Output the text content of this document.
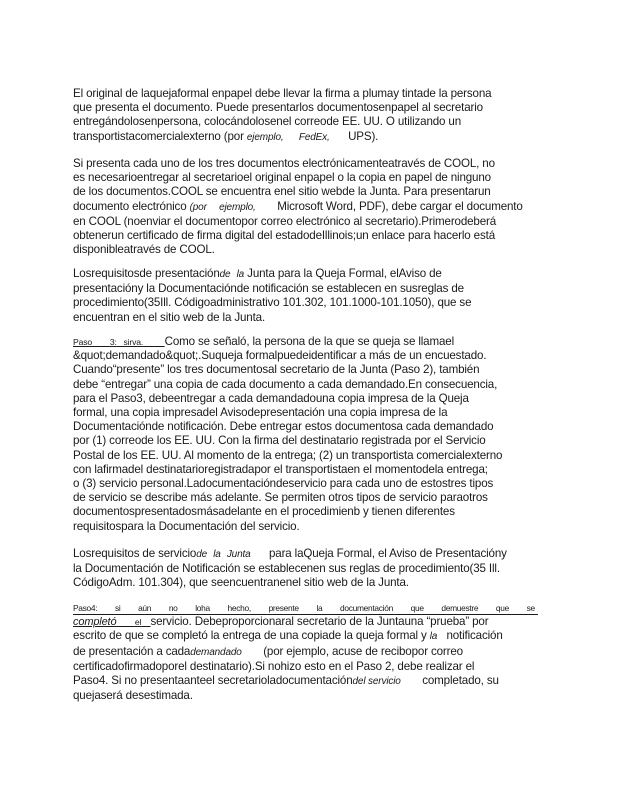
El original de laquejaformal enpapel debe llevar la firma a plumay tintade la persona

que presenta el documento. Puede presentarlos documentosenpapel al secretario

entregándolosenpersona, colocándolosenel correode EE. UU. O utilizando un

transportistacomercialexterno (por ejemplo, FedEx, UPS).

Si presenta cada uno de los tres documentos electrónicamenteatravés de COOL, no

es necesarioentregar al secretarioel original enpapel o la copia en papel de ninguno

de los documentos.COOL se encuentra enel sitio webde la Junta. Para presentarun

documento electrónico (por ejemplo, Microsoft Word, PDF), debe cargar el documento

en COOL (noenviar el documentopor correo electrónico al secretario).Primerodeberá

obtenerun certificado de firma digital del estadodeIllinois;un enlace para hacerlo está

disponibleatravés de COOL.

Losrequisitosde presentaciónde la Junta para la Queja Formal, elAviso de

presentacióny la Documentaciónde notificación se establecen en susreglas de

procedimiento(35Ill. Códigoadministrativo 101.302, 101.1000-101.1050), que se

encuentran en el sitio web de la Junta.

Paso 3: sirva. Como se señaló, la persona de la que se queja se llamael

&quot;demandado&quot;.Suqueja formalpuedeidentificar a más de un encuestado.

Cuando“presente” los tres documentosal secretario de la Junta (Paso 2), también

debe “entregar” una copia de cada documento a cada demandado.En consecuencia,

para el Paso3, debeentregar a cada demandadouna copia impresa de la Queja

formal, una copia impresadel Avisodepresentación una copia impresa de la

Documentaciónde notificación. Debe entregar estos documentosa cada demandado

por (1) correode los EE. UU. Con la firma del destinatario registrada por el Servicio

Postal de los EE. UU. Al momento de la entrega; (2) un transportista comercialexterno

con lafirmadel destinatarioregistradapor el transportistaen el momentodela entrega;

o (3) servicio personal.Ladocumentacióndeservicio para cada uno de estostres tipos

de servicio se describe más adelante. Se permiten otros tipos de servicio paraotros

documentospresentadosmásadelante en el procedimienb y tienen diferentes

requisitospara la Documentación del servicio.

Losrequisitos de serviciode la Junta para laQueja Formal, el Aviso de Presentacióny

la Documentación de Notificación se establecenen sus reglas de procedimiento(35 Ill.

CódigoAdm. 101.304), que seencuentranenel sitio web de la Junta.

Paso4: si aún no loha hecho, presente la documentación que demuestre que se

completó el servicio. Debeproporcionaral secretario de la Juntauna “prueba” por

escrito de que se completó la entrega de una copiade la queja formal y la notificación

de presentación a cadademandado (por ejemplo, acuse de recibopor correo

certificadofirmadoporel destinatario).Si nohizo esto en el Paso 2, debe realizar el

Paso4. Si no presentaanteel secretarioladocumentacióndel servicio completado, su

quejaserá desestimada.
